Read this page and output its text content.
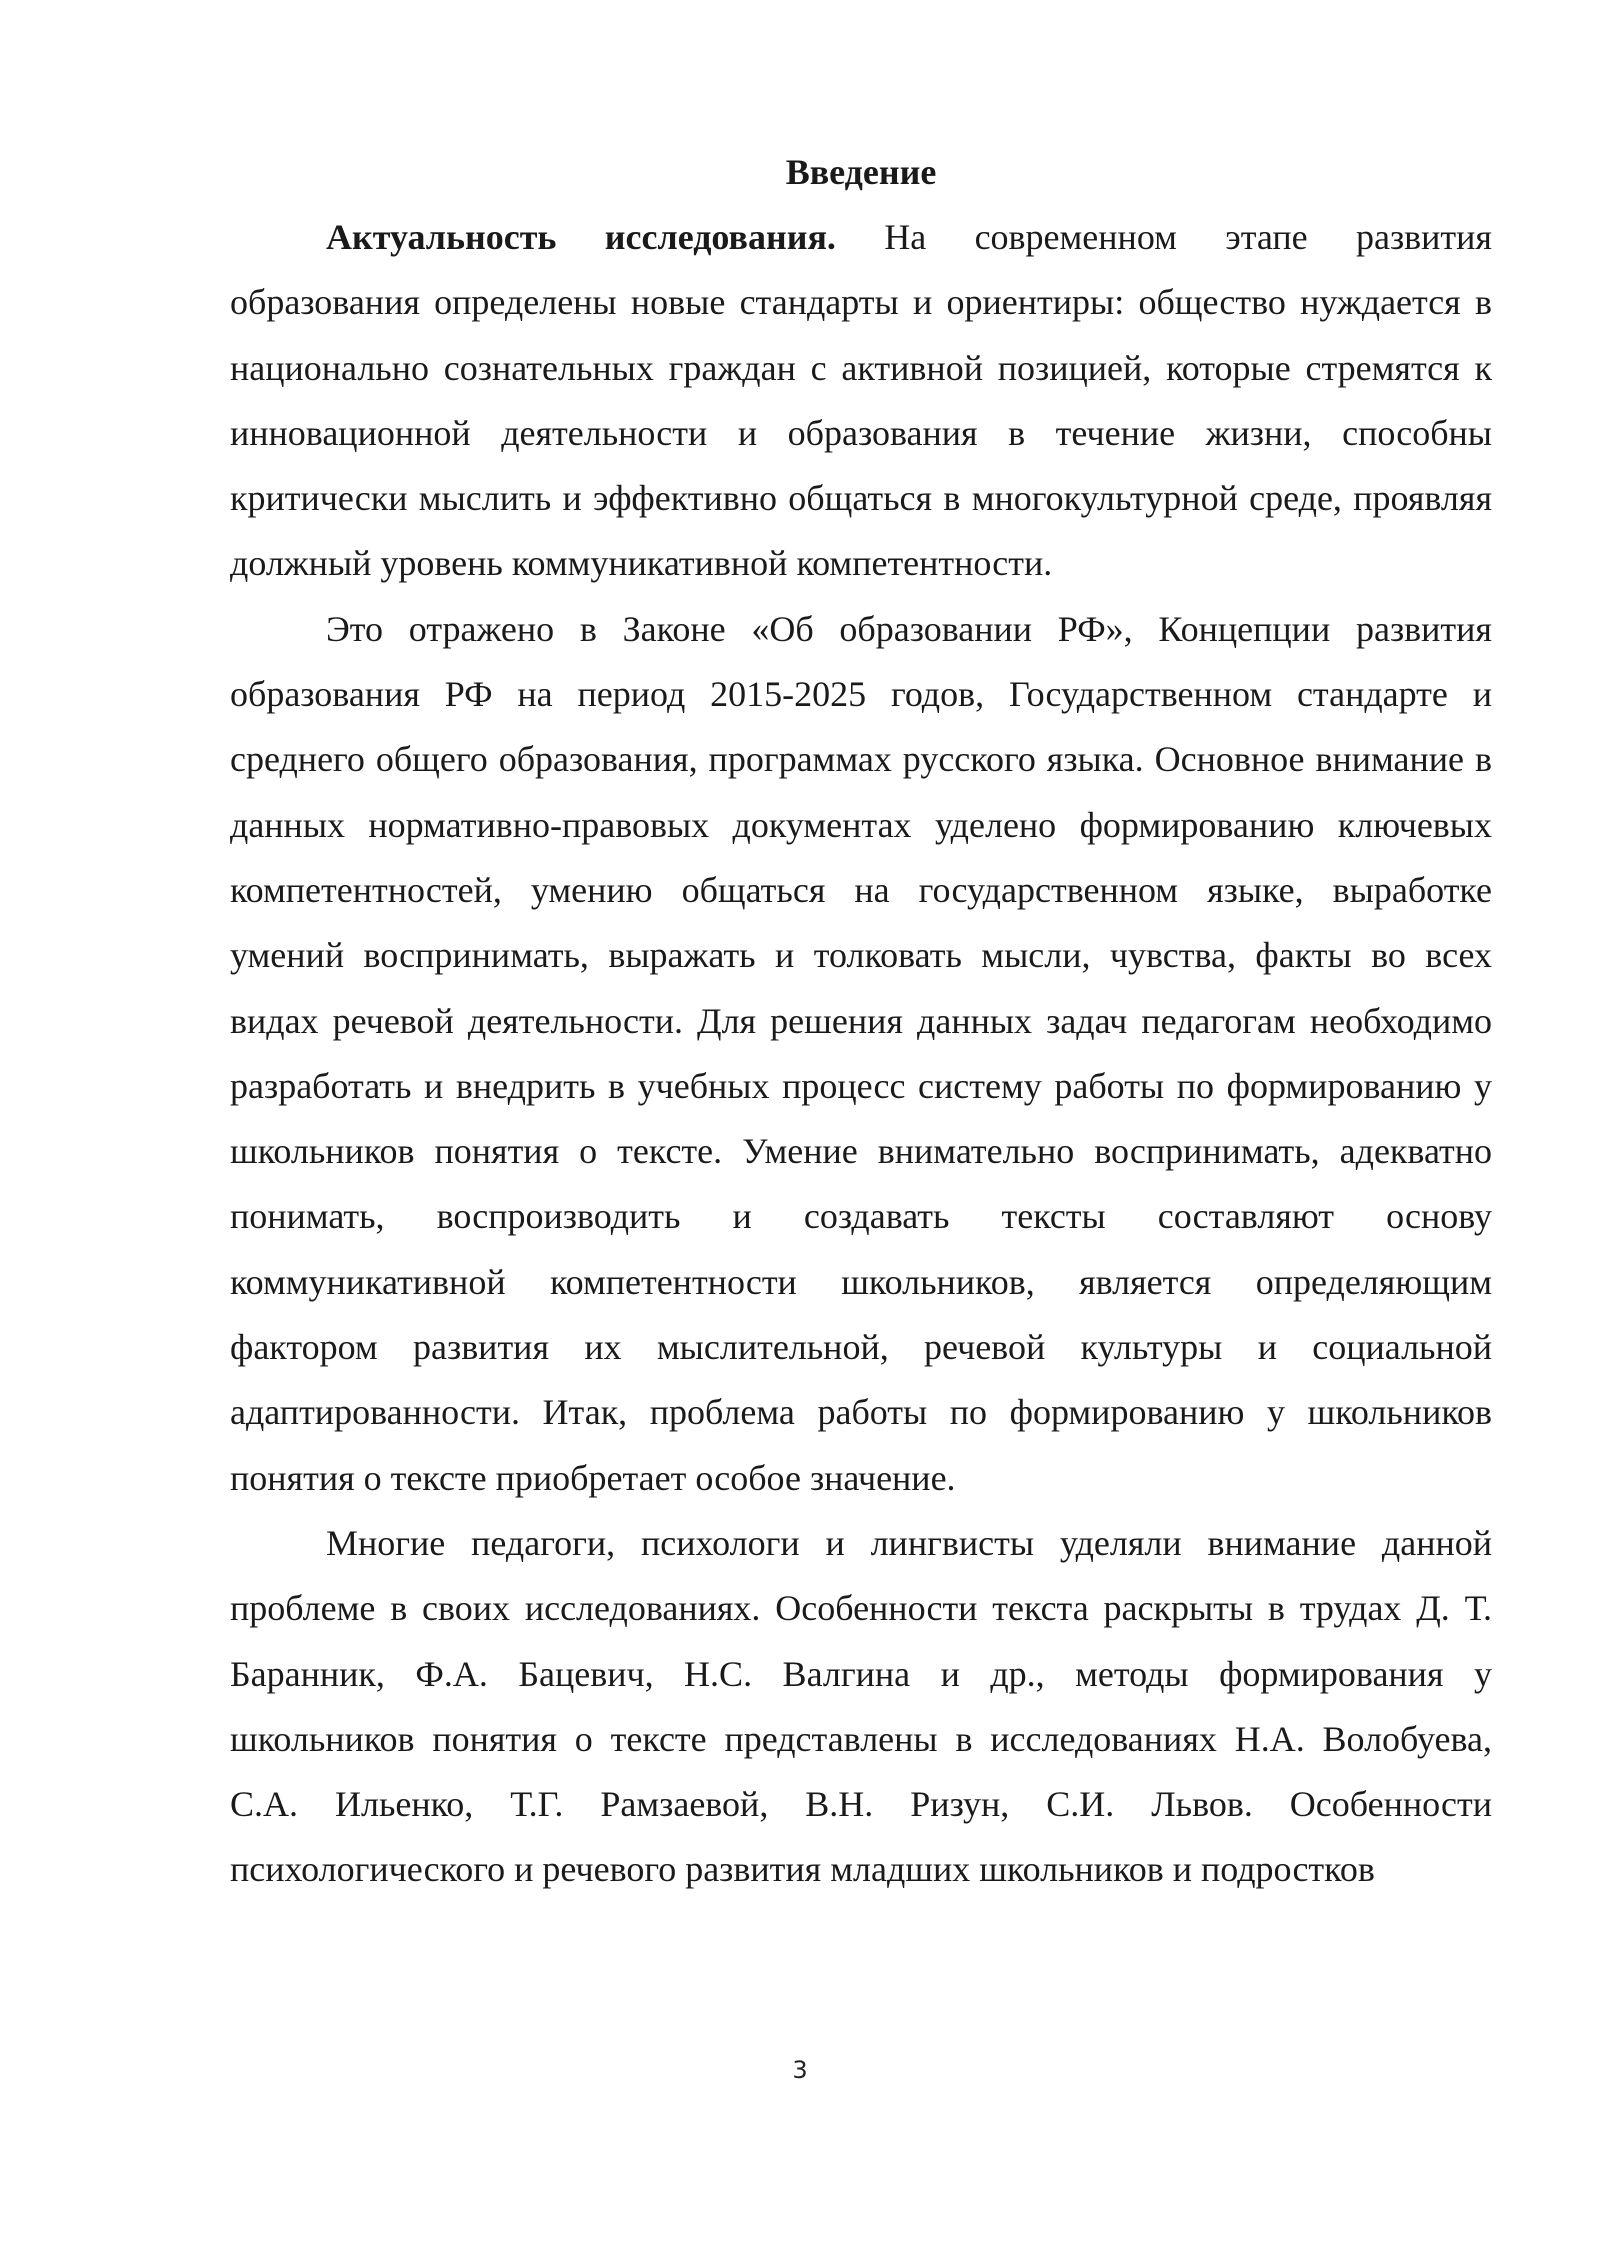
Введение

Актуальность исследования. На современном этапе развития образования определены новые стандарты и ориентиры: общество нуждается в национально сознательных граждан с активной позицией, которые стремятся к инновационной деятельности и образования в течение жизни, способны критически мыслить и эффективно общаться в многокультурной среде, проявляя должный уровень коммуникативной компетентности.

Это отражено в Законе «Об образовании РФ», Концепции развития образования РФ на период 2015-2025 годов, Государственном стандарте и среднего общего образования, программах русского языка. Основное внимание в данных нормативно-правовых документах уделено формированию ключевых компетентностей, умению общаться на государственном языке, выработке умений воспринимать, выражать и толковать мысли, чувства, факты во всех видах речевой деятельности. Для решения данных задач педагогам необходимо разработать и внедрить в учебных процесс систему работы по формированию у школьников понятия о тексте. Умение внимательно воспринимать, адекватно понимать, воспроизводить и создавать тексты составляют основу коммуникативной компетентности школьников, является определяющим фактором развития их мыслительной, речевой культуры и социальной адаптированности. Итак, проблема работы по формированию у школьников понятия о тексте приобретает особое значение.

Многие педагоги, психологи и лингвисты уделяли внимание данной проблеме в своих исследованиях. Особенности текста раскрыты в трудах Д. Т. Баранник, Ф.А. Бацевич, Н.С. Валгина и др., методы формирования у школьников понятия о тексте представлены в исследованиях Н.А. Волобуева, С.А. Ильенко, Т.Г. Рамзаевой, В.Н. Ризун, С.И. Львов. Особенности психологического и речевого развития младших школьников и подростков

3
